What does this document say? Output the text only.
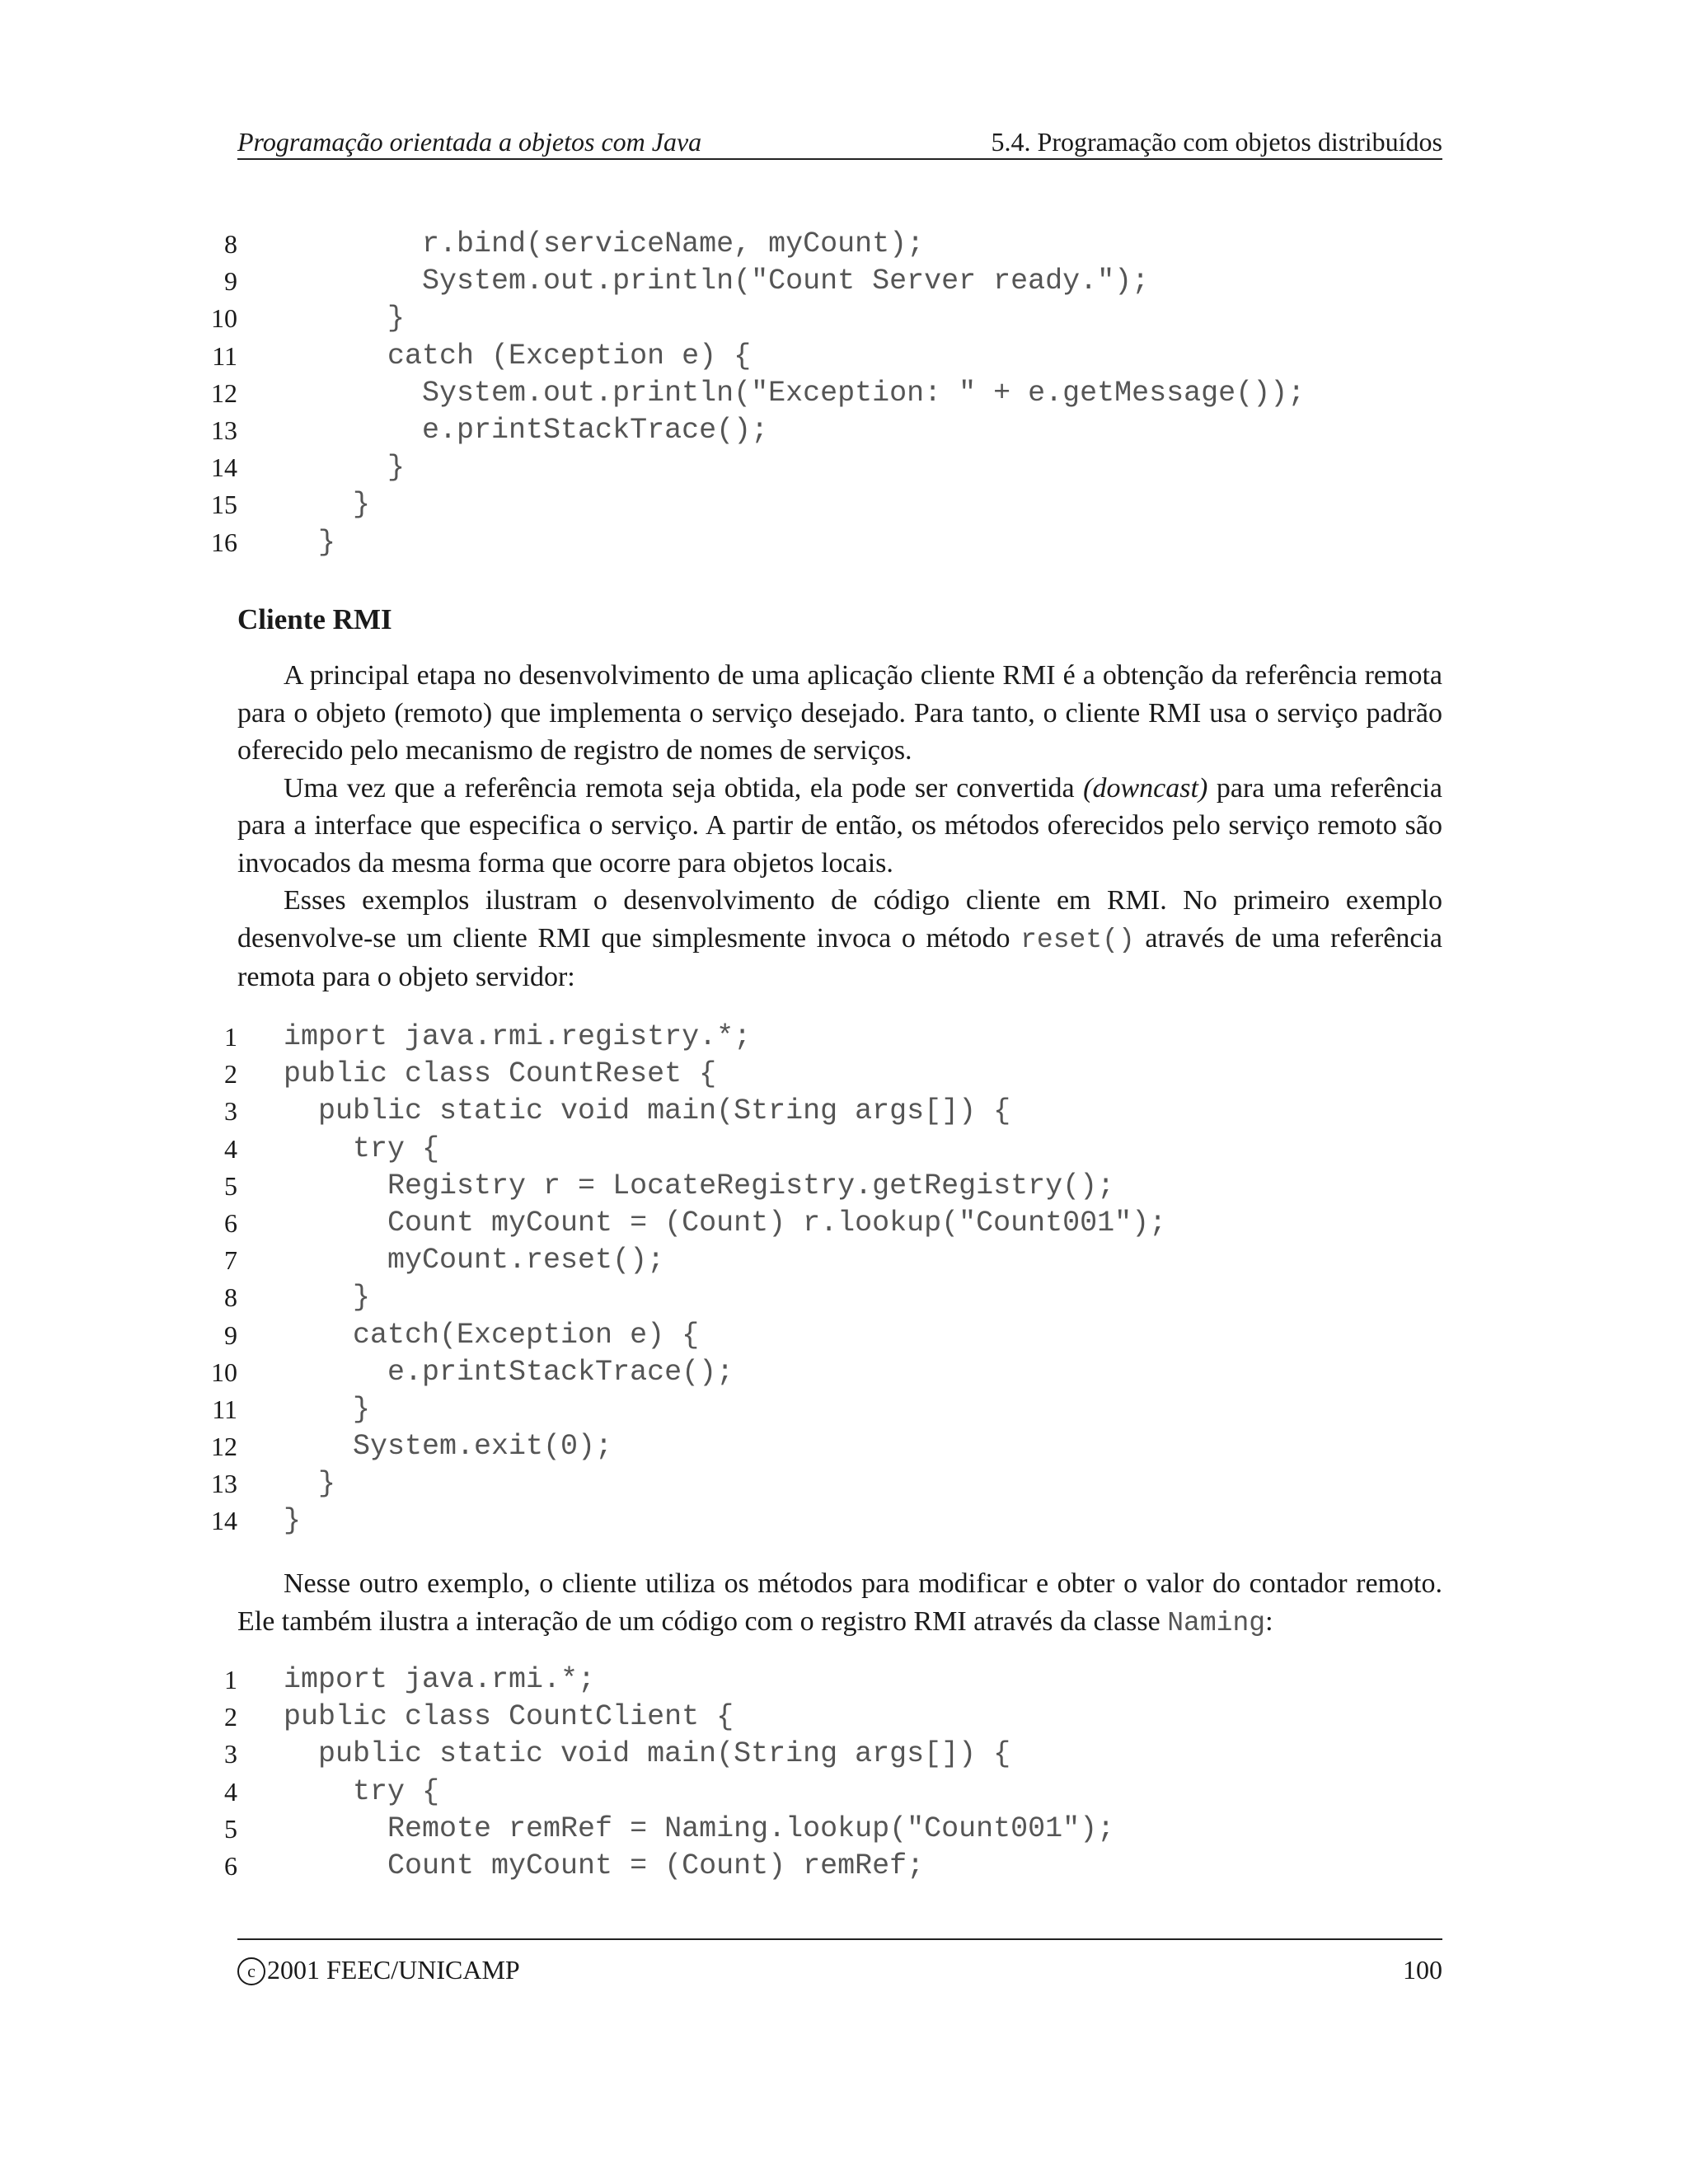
Programação orientada a objetos com Java	5.4. Programação com objetos distribuídos
8 r.bind(serviceName, myCount);
9 System.out.println("Count Server ready.");
10 }
11 catch (Exception e) {
12 System.out.println("Exception: " + e.getMessage());
13 e.printStackTrace();
14 }
15 }
16 }
Cliente RMI

A principal etapa no desenvolvimento de uma aplicação cliente RMI é a obtenção da referência remota para o objeto (remoto) que implementa o serviço desejado. Para tanto, o cliente RMI usa o serviço padrão oferecido pelo mecanismo de registro de nomes de serviços.

Uma vez que a referência remota seja obtida, ela pode ser convertida (downcast) para uma referência para a interface que especifica o serviço. A partir de então, os métodos oferecidos pelo serviço remoto são invocados da mesma forma que ocorre para objetos locais.

Esses exemplos ilustram o desenvolvimento de código cliente em RMI. No primeiro exemplo desenvolve-se um cliente RMI que simplesmente invoca o método reset() através de uma referência remota para o objeto servidor:

1 import java.rmi.registry.*;
2 public class CountReset {
3 public static void main(String args[]) {
4 try {
5 Registry r = LocateRegistry.getRegistry();
6 Count myCount = (Count) r.lookup("Count001");
7 myCount.reset();
8 }
9 catch(Exception e) {
10 e.printStackTrace();
11 }
12 System.exit(0);
13 }
14 }

Nesse outro exemplo, o cliente utiliza os métodos para modificar e obter o valor do contador remoto. Ele também ilustra a interação de um código com o registro RMI através da classe Naming:

1 import java.rmi.*;
2 public class CountClient {
3 public static void main(String args[]) {
4 try {
5 Remote remRef = Naming.lookup("Count001");
6 Count myCount = (Count) remRef;
c 2001 FEEC/UNICAMP	100
